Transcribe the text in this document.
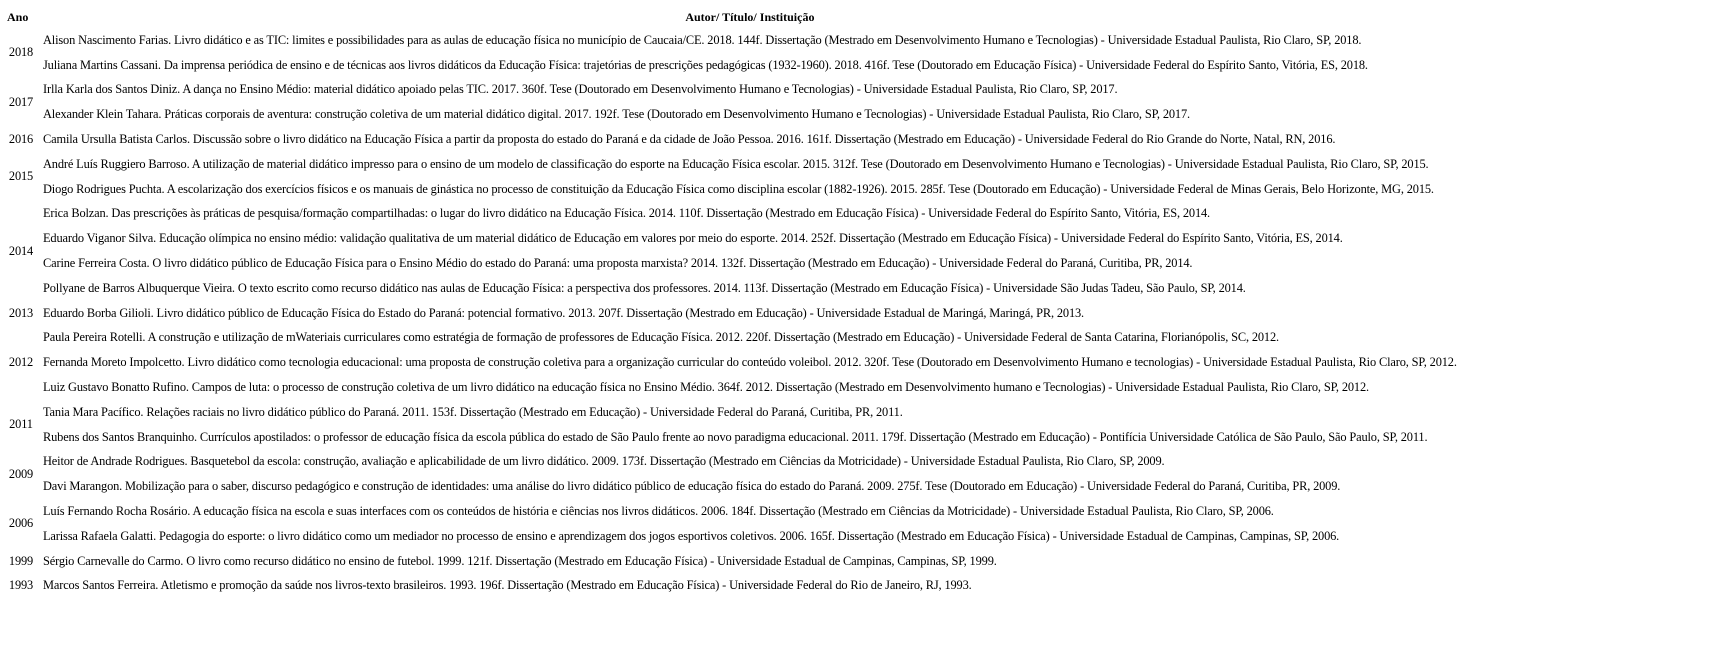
Ano	Autor/ Título/ Instituição
2018	Alison Nascimento Farias. Livro didático e as TIC: limites e possibilidades para as aulas de educação física no município de Caucaia/CE. 2018. 144f. Dissertação (Mestrado em Desenvolvimento Humano e Tecnologias) - Universidade Estadual Paulista, Rio Claro, SP, 2018.
	Juliana Martins Cassani. Da imprensa periódica de ensino e de técnicas aos livros didáticos da Educação Física: trajetórias de prescrições pedagógicas (1932-1960). 2018. 416f. Tese (Doutorado em Educação Física) - Universidade Federal do Espírito Santo, Vitória, ES, 2018.
2017	Irlla Karla dos Santos Diniz. A dança no Ensino Médio: material didático apoiado pelas TIC. 2017. 360f. Tese (Doutorado em Desenvolvimento Humano e Tecnologias) - Universidade Estadual Paulista, Rio Claro, SP, 2017.
	Alexander Klein Tahara. Práticas corporais de aventura: construção coletiva de um material didático digital. 2017. 192f. Tese (Doutorado em Desenvolvimento Humano e Tecnologias) - Universidade Estadual Paulista, Rio Claro, SP, 2017.
2016	Camila Ursulla Batista Carlos. Discussão sobre o livro didático na Educação Física a partir da proposta do estado do Paraná e da cidade de João Pessoa. 2016. 161f. Dissertação (Mestrado em Educação) - Universidade Federal do Rio Grande do Norte, Natal, RN, 2016.
2015	André Luís Ruggiero Barroso. A utilização de material didático impresso para o ensino de um modelo de classificação do esporte na Educação Física escolar. 2015. 312f. Tese (Doutorado em Desenvolvimento Humano e Tecnologias) - Universidade Estadual Paulista, Rio Claro, SP, 2015.
	Diogo Rodrigues Puchta. A escolarização dos exercícios físicos e os manuais de ginástica no processo de constituição da Educação Física como disciplina escolar (1882-1926). 2015. 285f. Tese (Doutorado em Educação) - Universidade Federal de Minas Gerais, Belo Horizonte, MG, 2015.
2014	Erica Bolzan. Das prescrições às práticas de pesquisa/formação compartilhadas: o lugar do livro didático na Educação Física. 2014. 110f. Dissertação (Mestrado em Educação Física) - Universidade Federal do Espírito Santo, Vitória, ES, 2014.
	Eduardo Viganor Silva. Educação olímpica no ensino médio: validação qualitativa de um material didático de Educação em valores por meio do esporte. 2014. 252f. Dissertação (Mestrado em Educação Física) - Universidade Federal do Espírito Santo, Vitória, ES, 2014.
	Carine Ferreira Costa. O livro didático público de Educação Física para o Ensino Médio do estado do Paraná: uma proposta marxista? 2014. 132f. Dissertação (Mestrado em Educação) - Universidade Federal do Paraná, Curitiba, PR, 2014.
	Pollyane de Barros Albuquerque Vieira. O texto escrito como recurso didático nas aulas de Educação Física: a perspectiva dos professores. 2014. 113f. Dissertação (Mestrado em Educação Física) - Universidade São Judas Tadeu, São Paulo, SP, 2014.
2013	Eduardo Borba Gilioli. Livro didático público de Educação Física do Estado do Paraná: potencial formativo. 2013. 207f. Dissertação (Mestrado em Educação) - Universidade Estadual de Maringá, Maringá, PR, 2013.
2012	Paula Pereira Rotelli. A construção e utilização de mWateriais curriculares como estratégia de formação de professores de Educação Física. 2012. 220f. Dissertação (Mestrado em Educação) - Universidade Federal de Santa Catarina, Florianópolis, SC, 2012.
	Fernanda Moreto Impolcetto. Livro didático como tecnologia educacional: uma proposta de construção coletiva para a organização curricular do conteúdo voleibol. 2012. 320f. Tese (Doutorado em Desenvolvimento Humano e tecnologias) - Universidade Estadual Paulista, Rio Claro, SP, 2012.
	Luiz Gustavo Bonatto Rufino. Campos de luta: o processo de construção coletiva de um livro didático na educação física no Ensino Médio. 364f. 2012. Dissertação (Mestrado em Desenvolvimento humano e Tecnologias) - Universidade Estadual Paulista, Rio Claro, SP, 2012.
2011	Tania Mara Pacífico. Relações raciais no livro didático público do Paraná. 2011. 153f. Dissertação (Mestrado em Educação) - Universidade Federal do Paraná, Curitiba, PR, 2011.
	Rubens dos Santos Branquinho. Currículos apostilados: o professor de educação física da escola pública do estado de São Paulo frente ao novo paradigma educacional. 2011. 179f. Dissertação (Mestrado em Educação) - Pontifícia Universidade Católica de São Paulo, São Paulo, SP, 2011.
2009	Heitor de Andrade Rodrigues. Basquetebol da escola: construção, avaliação e aplicabilidade de um livro didático. 2009. 173f. Dissertação (Mestrado em Ciências da Motricidade) - Universidade Estadual Paulista, Rio Claro, SP, 2009.
	Davi Marangon. Mobilização para o saber, discurso pedagógico e construção de identidades: uma análise do livro didático público de educação física do estado do Paraná. 2009. 275f. Tese (Doutorado em Educação) - Universidade Federal do Paraná, Curitiba, PR, 2009.
2006	Luís Fernando Rocha Rosário. A educação física na escola e suas interfaces com os conteúdos de história e ciências nos livros didáticos. 2006. 184f. Dissertação (Mestrado em Ciências da Motricidade) - Universidade Estadual Paulista, Rio Claro, SP, 2006.
	Larissa Rafaela Galatti. Pedagogia do esporte: o livro didático como um mediador no processo de ensino e aprendizagem dos jogos esportivos coletivos. 2006. 165f. Dissertação (Mestrado em Educação Física) - Universidade Estadual de Campinas, Campinas, SP, 2006.
1999	Sérgio Carnevalle do Carmo. O livro como recurso didático no ensino de futebol. 1999. 121f. Dissertação (Mestrado em Educação Física) - Universidade Estadual de Campinas, Campinas, SP, 1999.
1993	Marcos Santos Ferreira. Atletismo e promoção da saúde nos livros-texto brasileiros. 1993. 196f. Dissertação (Mestrado em Educação Física) - Universidade Federal do Rio de Janeiro, RJ, 1993.
